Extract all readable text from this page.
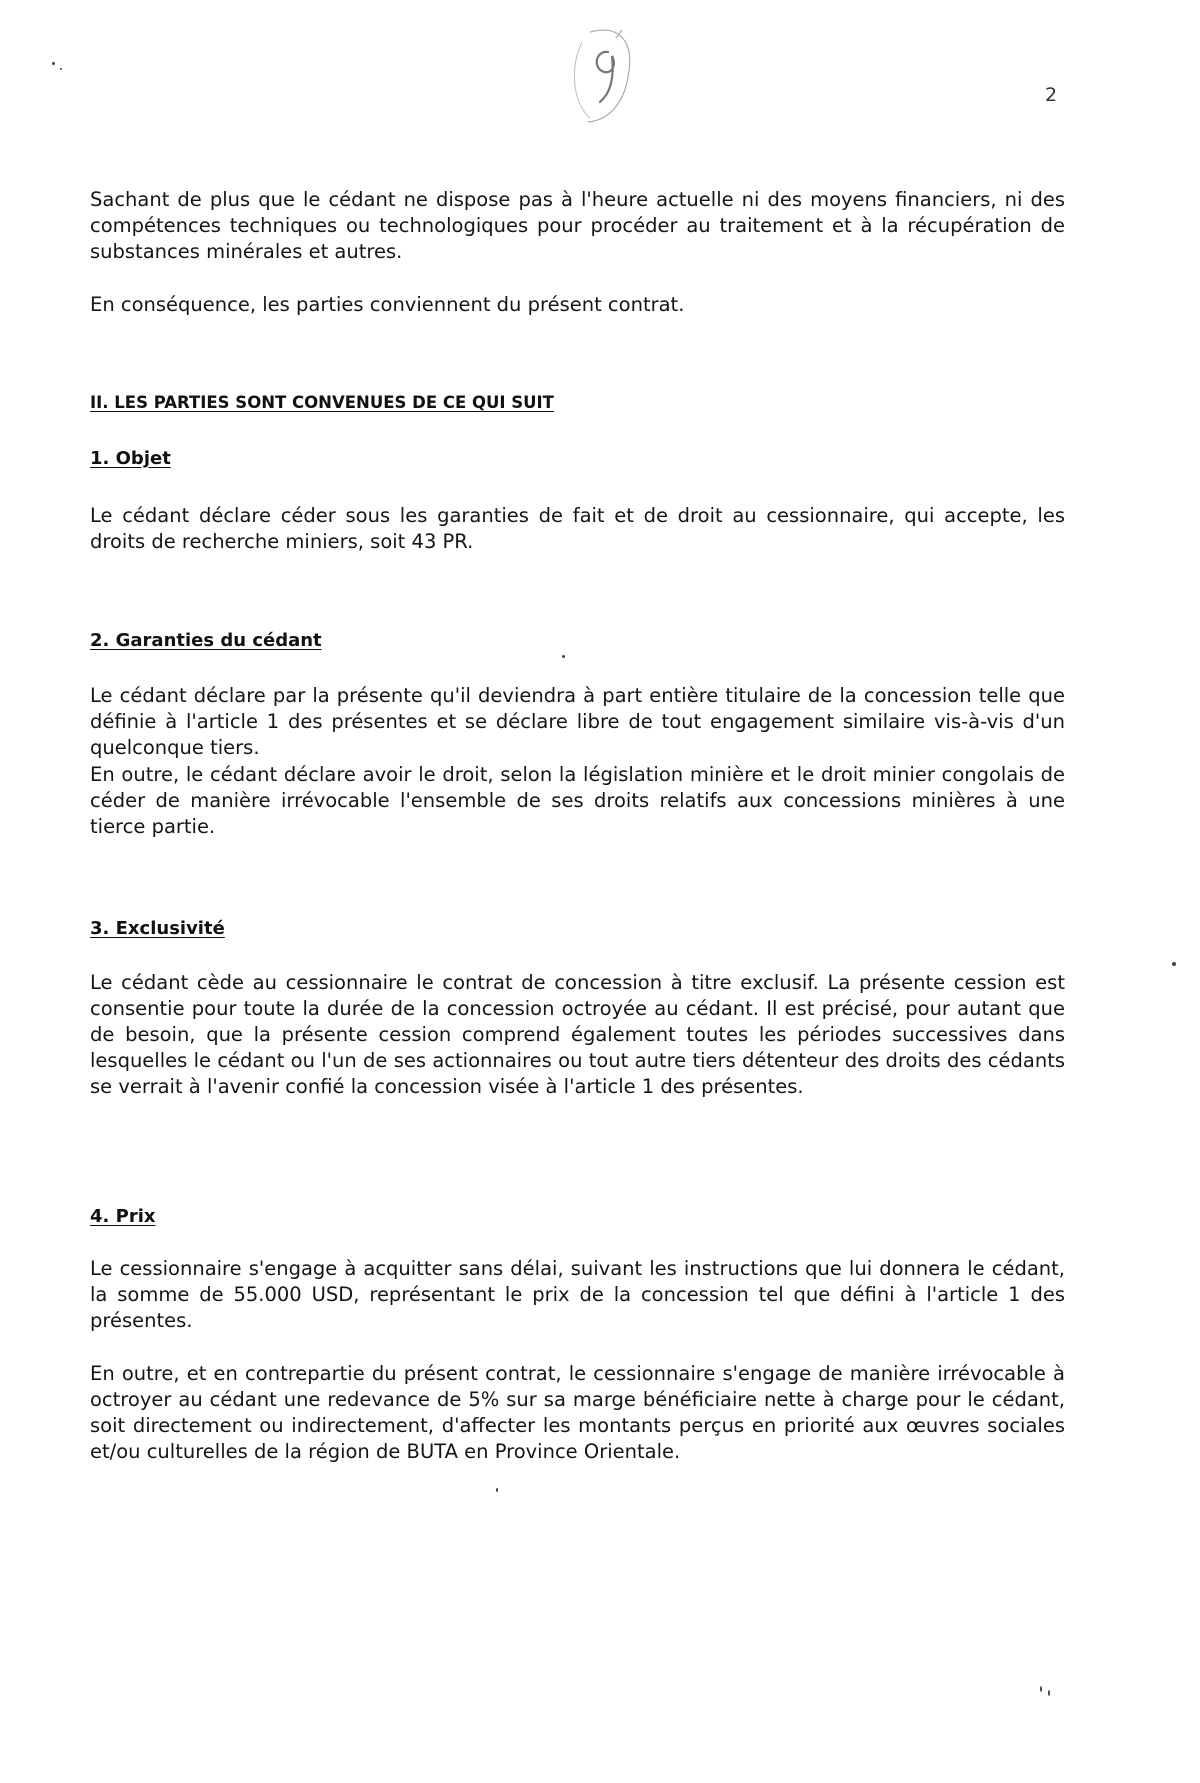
2

Sachant de plus que le cédant ne dispose pas à l'heure actuelle ni des moyens financiers, ni des compétences techniques ou technologiques pour procéder au traitement et à la récupération de substances minérales et autres.

En conséquence, les parties conviennent du présent contrat.

II. LES PARTIES SONT CONVENUES DE CE QUI SUIT

1. Objet

Le cédant déclare céder sous les garanties de fait et de droit au cessionnaire, qui accepte, les droits de recherche miniers, soit 43 PR.

2. Garanties du cédant

Le cédant déclare par la présente qu'il deviendra à part entière titulaire de la concession telle que définie à l'article 1 des présentes et se déclare libre de tout engagement similaire vis-à-vis d'un quelconque tiers.

En outre, le cédant déclare avoir le droit, selon la législation minière et le droit minier congolais de céder de manière irrévocable l'ensemble de ses droits relatifs aux concessions minières à une tierce partie.

3. Exclusivité

Le cédant cède au cessionnaire le contrat de concession à titre exclusif. La présente cession est consentie pour toute la durée de la concession octroyée au cédant. Il est précisé, pour autant que de besoin, que la présente cession comprend également toutes les périodes successives dans lesquelles le cédant ou l'un de ses actionnaires ou tout autre tiers détenteur des droits des cédants se verrait à l'avenir confié la concession visée à l'article 1 des présentes.

4. Prix

Le cessionnaire s'engage à acquitter sans délai, suivant les instructions que lui donnera le cédant, la somme de 55.000 USD, représentant le prix de la concession tel que défini à l'article 1 des présentes.

En outre, et en contrepartie du présent contrat, le cessionnaire s'engage de manière irrévocable à octroyer au cédant une redevance de 5% sur sa marge bénéficiaire nette à charge pour le cédant, soit directement ou indirectement, d'affecter les montants perçus en priorité aux œuvres sociales et/ou culturelles de la région de BUTA en Province Orientale.
